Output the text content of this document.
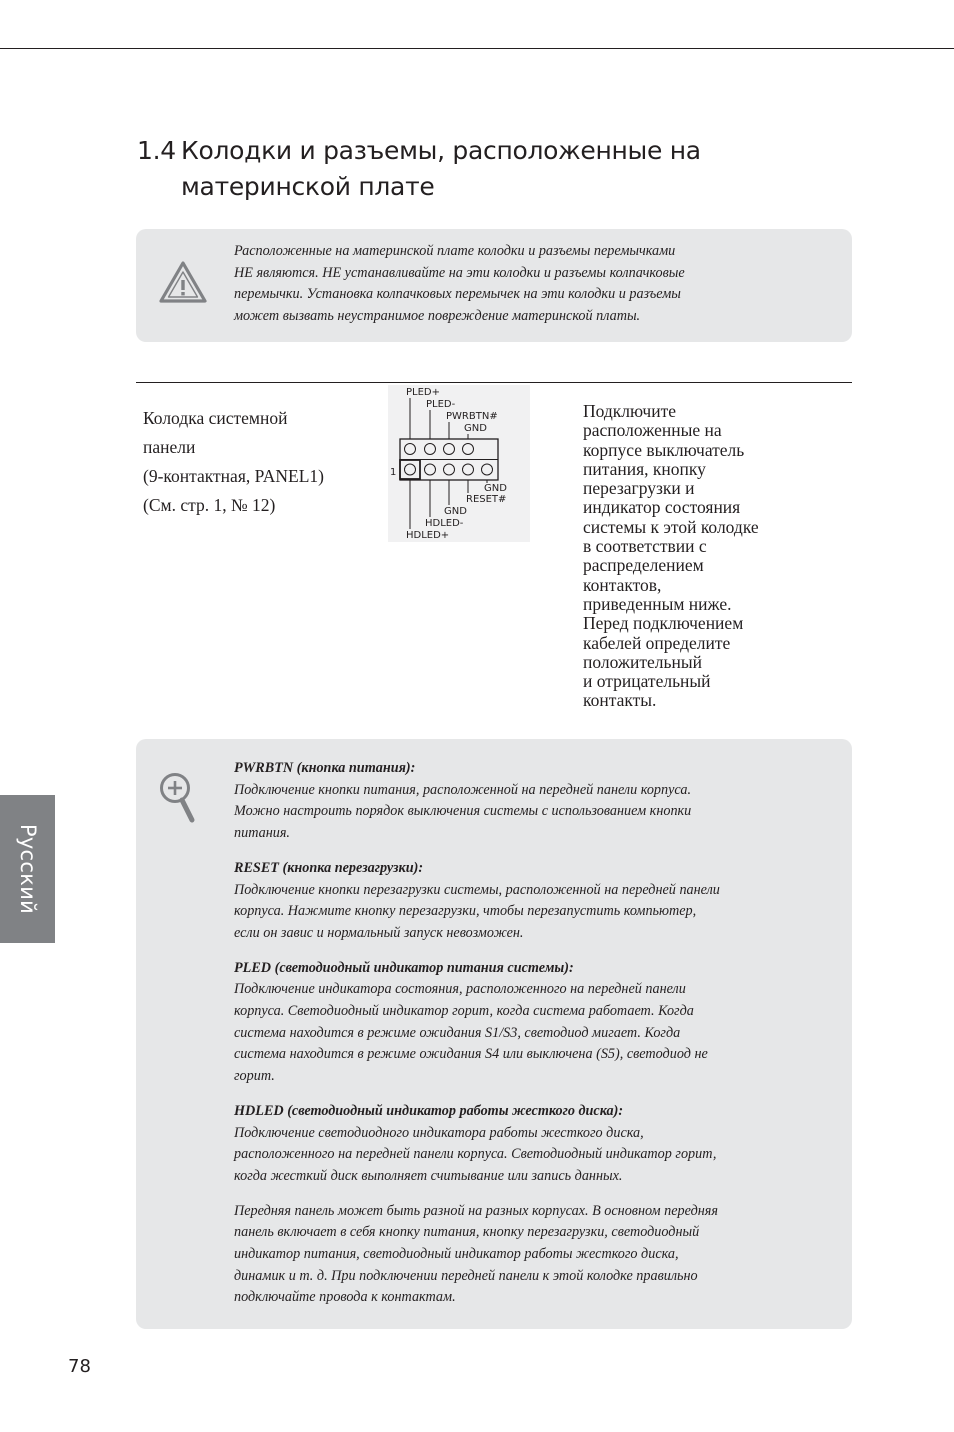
1.4 Колодки и разъемы, расположенные на материнской плате
Расположенные на материнской плате колодки и разъемы перемычками
НЕ являются. НЕ устанавливайте на эти колодки и разъемы колпачковые
перемычки. Установка колпачковых перемычек на эти колодки и разъемы
может вызвать неустранимое повреждение материнской платы.
Колодка системной
панели
(9-контактная, PANEL1)
(См. стр. 1, № 12)
PLED+
PLED-
PWRBTN#
GND
1
GND
RESET#
GND
HDLED-
HDLED+
Подключите
расположенные на
корпусе выключатель
питания, кнопку
перезагрузки и
индикатор состояния
системы к этой колодке
в соответствии с
распределением
контактов,
приведенным ниже.
Перед подключением
кабелей определите
положительный
и отрицательный
контакты.
PWRBTN (кнопка питания):
Подключение кнопки питания, расположенной на передней панели корпуса.
Можно настроить порядок выключения системы с использованием кнопки
питания.
RESET (кнопка перезагрузки):
Подключение кнопки перезагрузки системы, расположенной на передней панели
корпуса. Нажмите кнопку перезагрузки, чтобы перезапустить компьютер,
если он завис и нормальный запуск невозможен.
PLED (светодиодный индикатор питания системы):
Подключение индикатора состояния, расположенного на передней панели
корпуса. Светодиодный индикатор горит, когда система работает. Когда
система находится в режиме ожидания S1/S3, светодиод мигает. Когда
система находится в режиме ожидания S4 или выключена (S5), светодиод не
горит.
HDLED (светодиодный индикатор работы жесткого диска):
Подключение светодиодного индикатора работы жесткого диска,
расположенного на передней панели корпуса. Светодиодный индикатор горит,
когда жесткий диск выполняет считывание или запись данных.
Передняя панель может быть разной на разных корпусах. В основном передняя
панель включает в себя кнопку питания, кнопку перезагрузки, светодиодный
индикатор питания, светодиодный индикатор работы жесткого диска,
динамик и т. д. При подключении передней панели к этой колодке правильно
подключайте провода к контактам.
Русский
78
